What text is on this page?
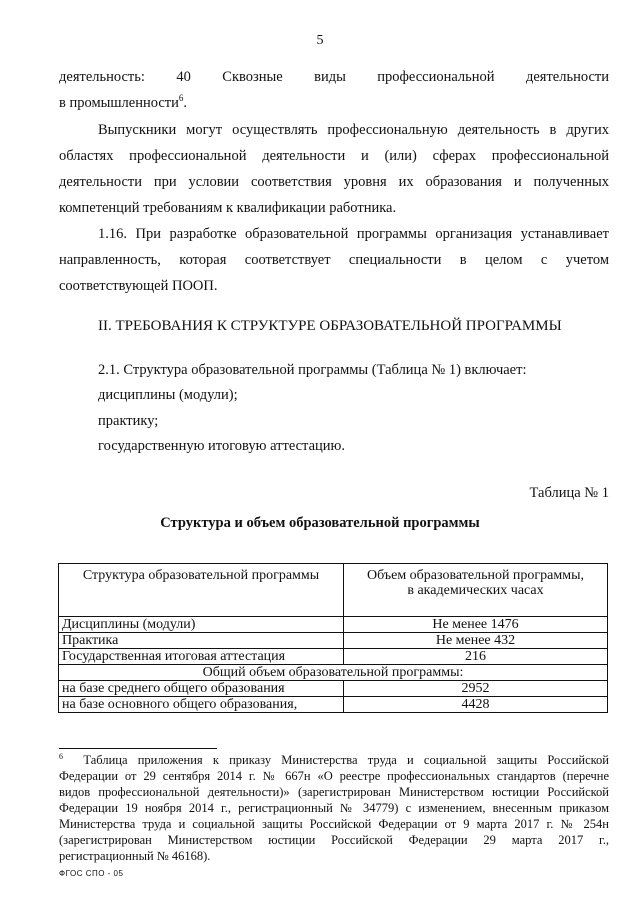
5
деятельность: 40 Сквозные виды профессиональной деятельности
в промышленности$^6$.
Выпускники могут осуществлять профессиональную деятельность в других
областях профессиональной деятельности и (или) сферах профессиональной
деятельности при условии соответствия уровня их образования и полученных
компетенций требованиям к квалификации работника.
1.16. При разработке образовательной программы организация устанавливает
направленность, которая соответствует специальности в целом с учетом
соответствующей ПООП.
II. ТРЕБОВАНИЯ К СТРУКТУРЕ ОБРАЗОВАТЕЛЬНОЙ ПРОГРАММЫ
2.1. Структура образовательной программы (Таблица № 1) включает:
дисциплины (модули);
практику;
государственную итоговую аттестацию.
Таблица № 1
Структура и объем образовательной программы
Структура образовательной программы	Объем образовательной программы,
в академических часах
Дисциплины (модули)	Не менее 1476
Практика	Не менее 432
Государственная итоговая аттестация	216
Общий объем образовательной программы:	
на базе среднего общего образования	2952
на базе основного общего образования,	4428
$^6$ Таблица приложения к приказу Министерства труда и социальной защиты Российской
Федерации от 29 сентября 2014 г. № 667н «О реестре профессиональных стандартов (перечне
видов профессиональной деятельности)» (зарегистрирован Министерством юстиции Российской
Федерации 19 ноября 2014 г., регистрационный № 34779) с изменением, внесенным приказом
Министерства труда и социальной защиты Российской Федерации от 9 марта 2017 г. № 254н
(зарегистрирован Министерством юстиции Российской Федерации 29 марта 2017 г.,
регистрационный № 46168).
ФГОС СПО - 05
